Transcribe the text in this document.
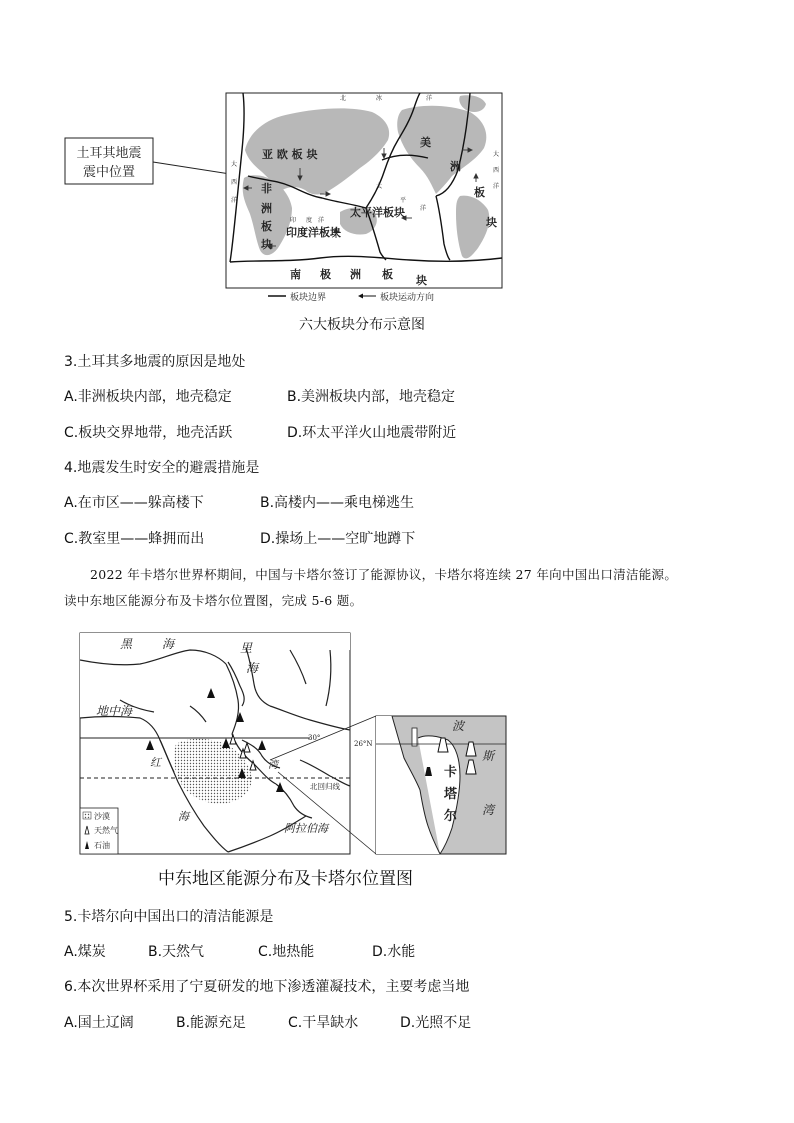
土耳其地震
震中位置
亚 欧 板 块
非
洲
板
块
印度洋板块
太平洋板块
美
洲
板
块
南 极 洲 板 块
北	冰	洋
大
西
洋
大
西
洋
印 度 洋
太
平
洋
板块边界	板块运动方向
六大板块分布示意图
3.土耳其多地震的原因是地处
A.非洲板块内部，地壳稳定	B.美洲板块内部，地壳稳定
C.板块交界地带，地壳活跃	D.环太平洋火山地震带附近
4.地震发生时安全的避震措施是
A.在市区——躲高楼下	B.高楼内——乘电梯逃生
C.教室里——蜂拥而出	D.操场上——空旷地蹲下
2022 年卡塔尔世界杯期间，中国与卡塔尔签订了能源协议，卡塔尔将连续 27 年向中国出口清洁能源。
读中东地区能源分布及卡塔尔位置图，完成 5-6 题。
30°
北回归线
黑 海	里
海
地中海
红
海
湾
阿拉伯海
沙漠
天然气
石油
26°N
波
斯
湾
卡
塔
尔
中东地区能源分布及卡塔尔位置图
5.卡塔尔向中国出口的清洁能源是
A.煤炭	B.天然气	C.地热能	D.水能
6.本次世界杯采用了宁夏研发的地下渗透灌凝技术，主要考虑当地
A.国土辽阔	B.能源充足	C.干旱缺水	D.光照不足
